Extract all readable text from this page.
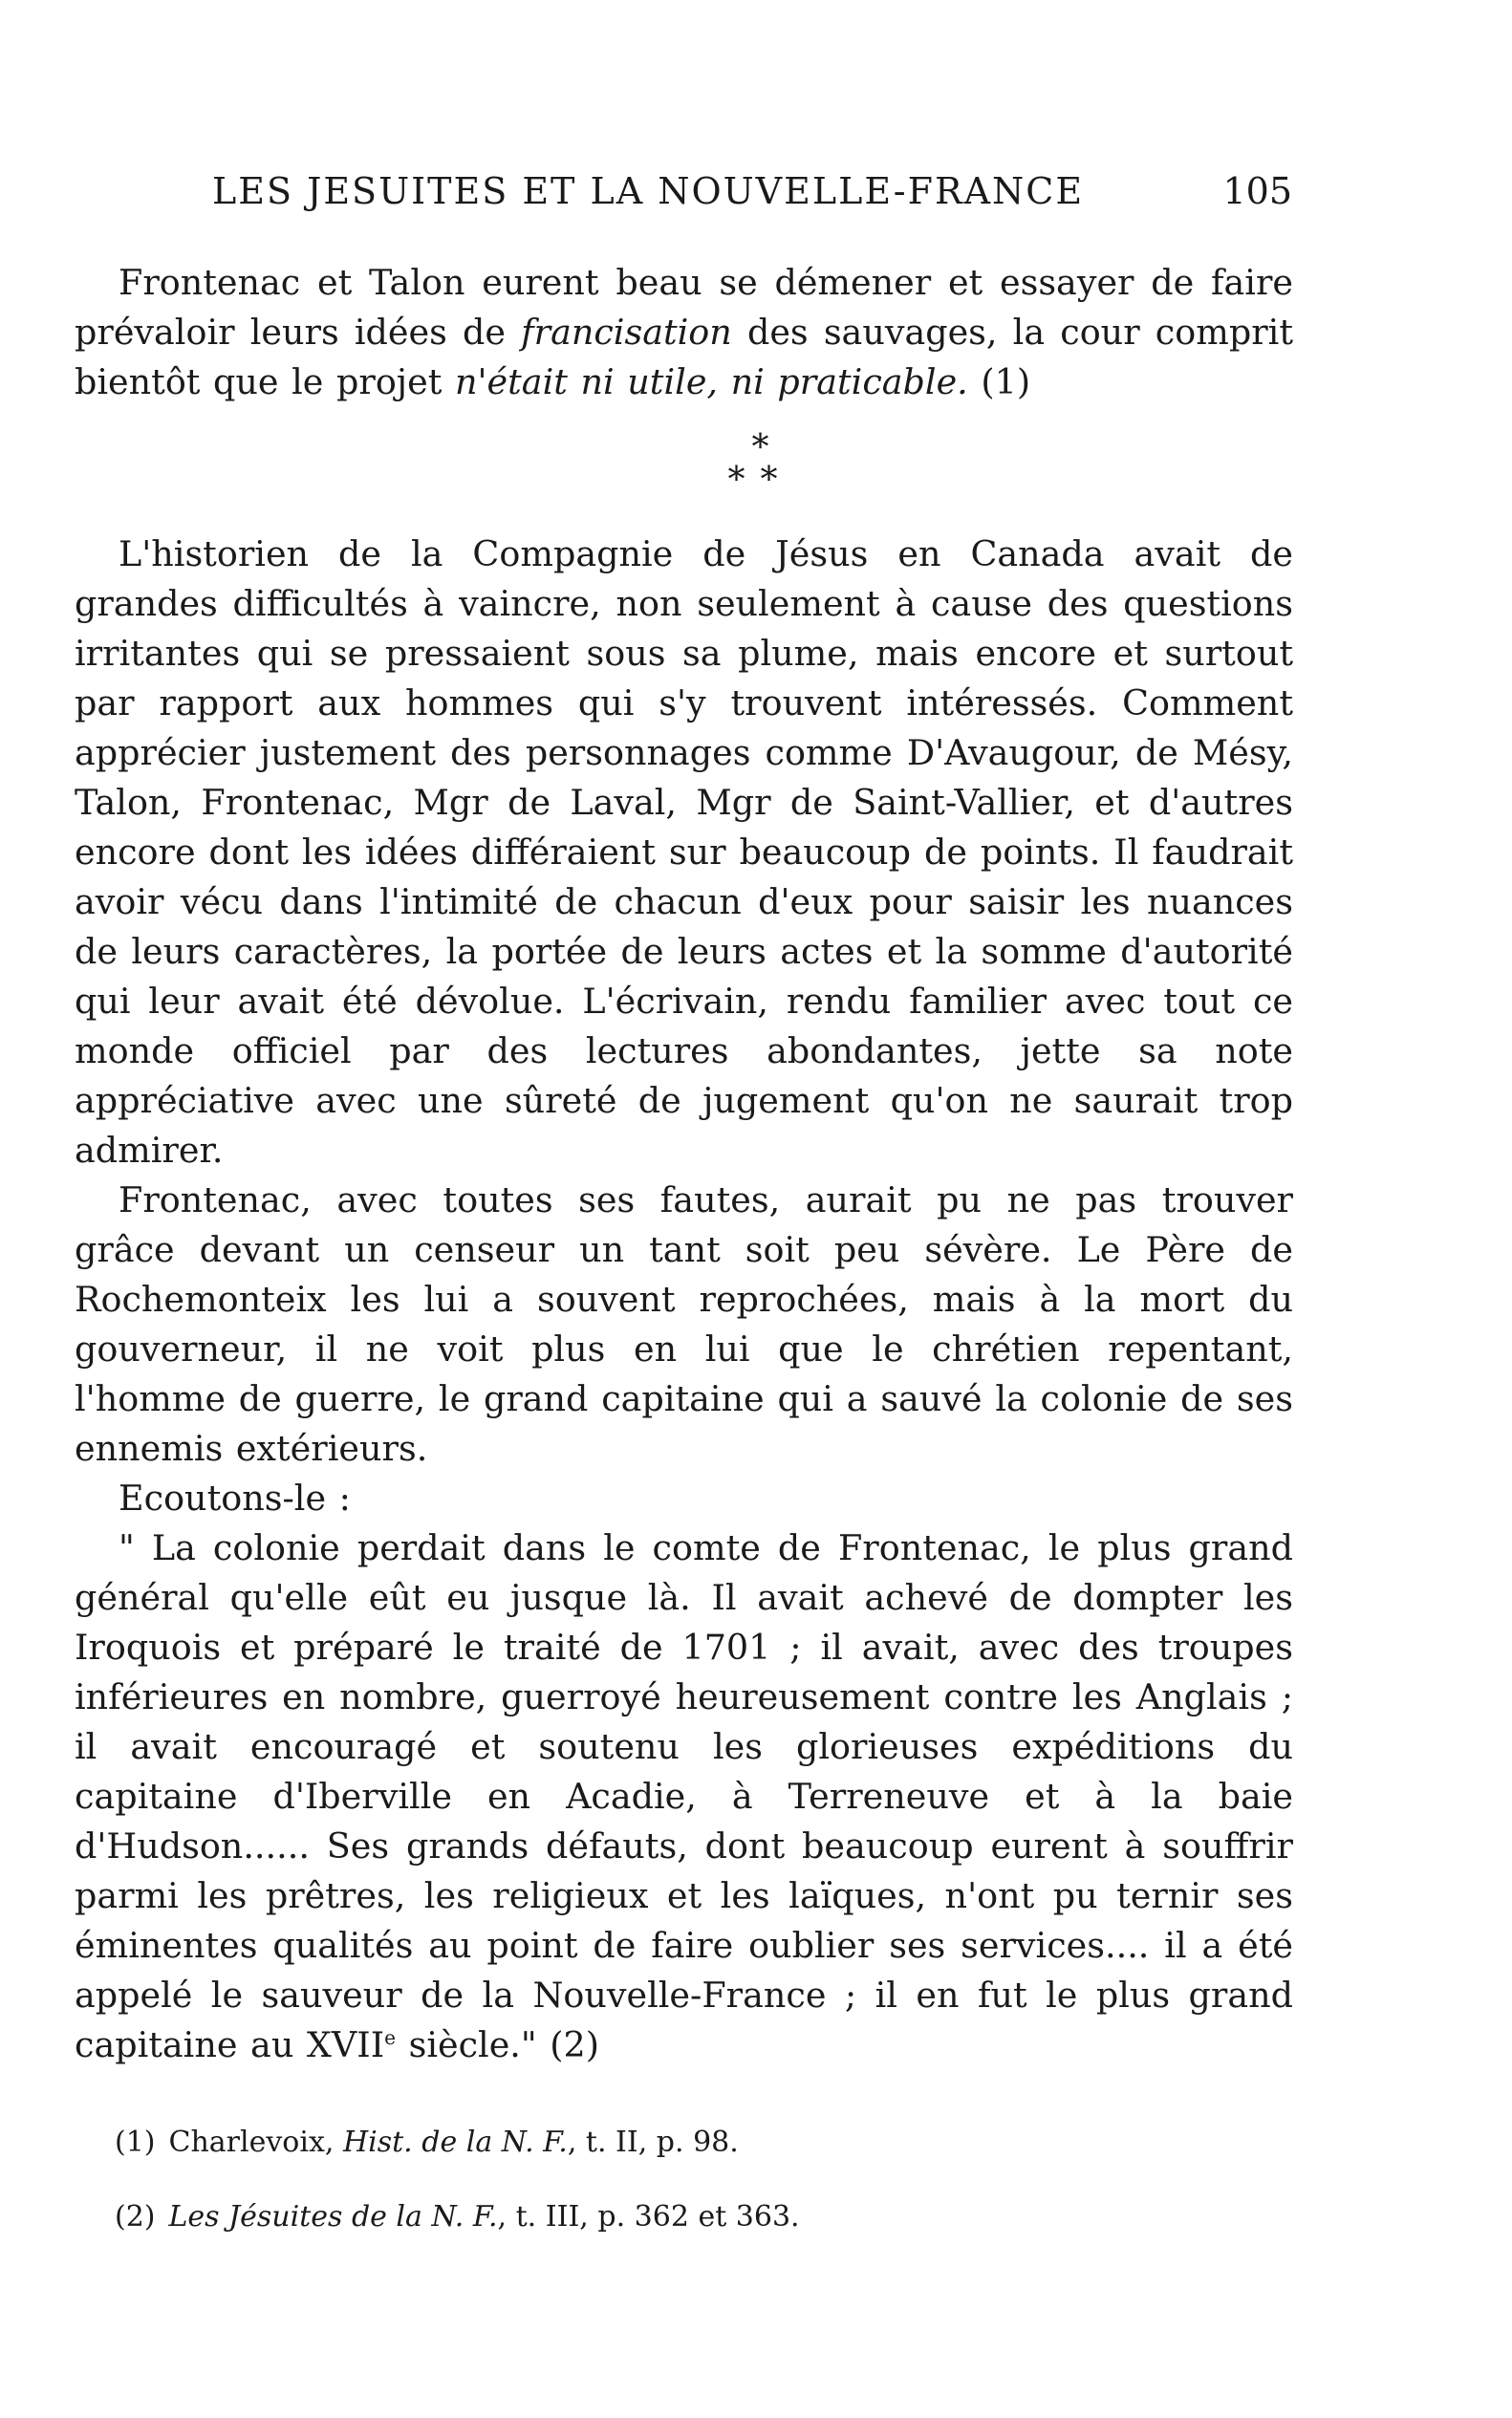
LES JESUITES ET LA NOUVELLE-FRANCE	105

Frontenac et Talon eurent beau se démener et essayer de faire prévaloir leurs idées de francisation des sauvages, la cour comprit bientôt que le projet n'était ni utile, ni praticable. (1)

*
**

L'historien de la Compagnie de Jésus en Canada avait de grandes difficultés à vaincre, non seulement à cause des questions irritantes qui se pressaient sous sa plume, mais encore et surtout par rapport aux hommes qui s'y trouvent intéressés. Comment apprécier justement des personnages comme D'Avaugour, de Mésy, Talon, Frontenac, Mgr de Laval, Mgr de Saint-Vallier, et d'autres encore dont les idées différaient sur beaucoup de points. Il faudrait avoir vécu dans l'intimité de chacun d'eux pour saisir les nuances de leurs caractères, la portée de leurs actes et la somme d'autorité qui leur avait été dévolue. L'écrivain, rendu familier avec tout ce monde officiel par des lectures abondantes, jette sa note appréciative avec une sûreté de jugement qu'on ne saurait trop admirer.

Frontenac, avec toutes ses fautes, aurait pu ne pas trouver grâce devant un censeur un tant soit peu sévère. Le Père de Rochemonteix les lui a souvent reprochées, mais à la mort du gouverneur, il ne voit plus en lui que le chrétien repentant, l'homme de guerre, le grand capitaine qui a sauvé la colonie de ses ennemis extérieurs.

Ecoutons-le :

" La colonie perdait dans le comte de Frontenac, le plus grand général qu'elle eût eu jusque là. Il avait achevé de dompter les Iroquois et préparé le traité de 1701 ; il avait, avec des troupes inférieures en nombre, guerroyé heureusement contre les Anglais ; il avait encouragé et soutenu les glorieuses expéditions du capitaine d'Iberville en Acadie, à Terreneuve et à la baie d'Hudson...... Ses grands défauts, dont beaucoup eurent à souffrir parmi les prêtres, les religieux et les laïques, n'ont pu ternir ses éminentes qualités au point de faire oublier ses services.... il a été appelé le sauveur de la Nouvelle-France ; il en fut le plus grand capitaine au XVIIe siècle." (2)

(1) Charlevoix, Hist. de la N. F., t. II, p. 98.

(2) Les Jésuites de la N. F., t. III, p. 362 et 363.
